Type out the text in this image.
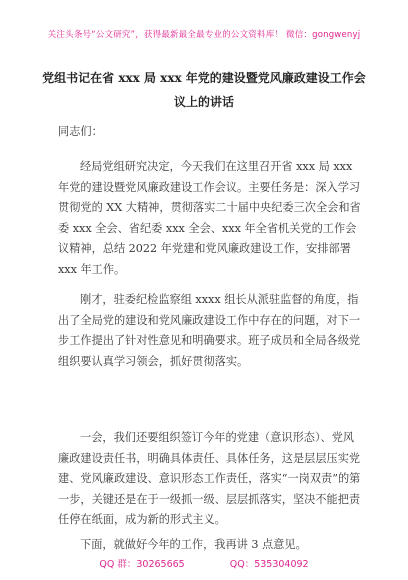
关注头条号“公文研究”，获得最新最全最专业的公文资料库！ 微信：gongwenyj
党组书记在省 xxx 局 xxx 年党的建设暨党风廉政建设工作会
议上的讲话

同志们：

经局党组研究决定，今天我们在这里召开省 xxx 局 xxx 年党的建设暨党风廉政建设工作会议。主要任务是：深入学习贯彻党的 XX 大精神，贯彻落实二十届中央纪委三次全会和省委 xxx 全会、省纪委 xxx 全会、xxx 年全省机关党的工作会议精神，总结 2022 年党建和党风廉政建设工作，安排部署 xxx 年工作。

刚才，驻委纪检监察组 xxxx 组长从派驻监督的角度，指出了全局党的建设和党风廉政建设工作中存在的问题，对下一步工作提出了针对性意见和明确要求。班子成员和全局各级党组织要认真学习领会，抓好贯彻落实。

一会，我们还要组织签订今年的党建（意识形态）、党风廉政建设责任书，明确具体责任、具体任务，这是层层压实党建、党风廉政建设、意识形态工作责任，落实“一岗双责”的第一步，关键还是在于一级抓一级、层层抓落实，坚决不能把责任停在纸面，成为新的形式主义。

下面，就做好今年的工作，我再讲 3 点意见。

QQ 群：30265665	QQ：535304092
